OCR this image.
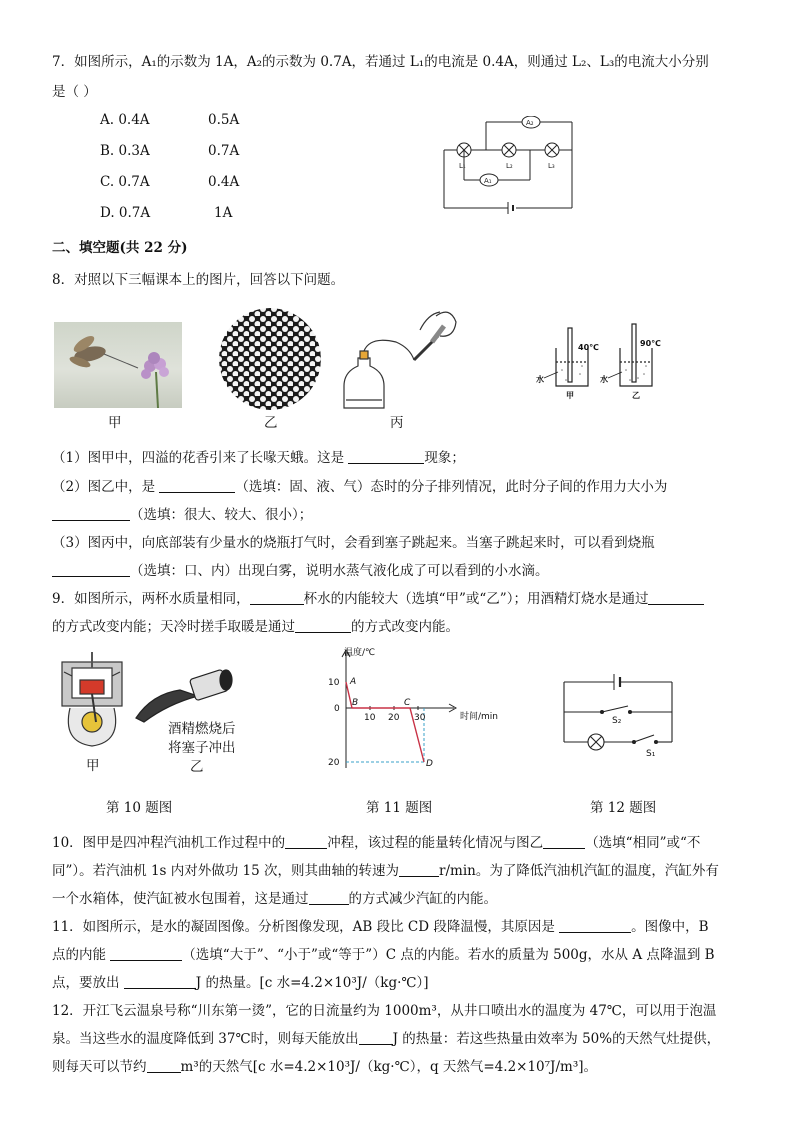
7．如图所示，A₁的示数为 1A，A₂的示数为 0.7A，若通过 L₁的电流是 0.4A，则通过 L₂、L₃的电流大小分别
是（ ）
A. 0.4A	0.5A
B. 0.3A	0.7A
C. 0.7A	0.4A
D. 0.7A	1A
A₂
A₁
L₁	L₂	L₃
二、填空题(共 22 分)
8．对照以下三幅课本上的图片，回答以下问题。
甲	乙	丙
40℃	90℃
水	水
甲	乙
（1）图甲中，四溢的花香引来了长喙天蛾。这是	现象；
（2）图乙中，是	（选填：固、液、气）态时的分子排列情况，此时分子间的作用力大小为
（选填：很大、较大、很小）；
（3）图丙中，向底部装有少量水的烧瓶打气时，会看到塞子跳起来。当塞子跳起来时，可以看到烧瓶
（选填：口、内）出现白雾，说明水蒸气液化成了可以看到的小水滴。
9．如图所示，两杯水质量相同，	杯水的内能较大（选填“甲”或“乙”）；用酒精灯烧水是通过
的方式改变内能；天冷时搓手取暖是通过	的方式改变内能。
甲
酒精燃烧后
将塞子冲出
乙
第 10 题图
温度/℃
时间/min
10
0
20
10 20 30
A
B	C
D
第 11 题图
S₂
S₁
第 12 题图
10．图甲是四冲程汽油机工作过程中的	冲程，该过程的能量转化情况与图乙	（选填“相同”或“不
同”）。若汽油机 1s 内对外做功 15 次，则其曲轴的转速为	r/min。为了降低汽油机汽缸的温度，汽缸外有
一个水箱体，使汽缸被水包围着，这是通过	的方式减少汽缸的内能。
11．如图所示，是水的凝固图像。分析图像发现，AB 段比 CD 段降温慢，其原因是	。图像中，B
点的内能	（选填“大于”、“小于”或“等于”）C 点的内能。若水的质量为 500g，水从 A 点降温到 B
点，要放出	J 的热量。[c 水=4.2×10³J/（kg·℃）]
12．开江飞云温泉号称“川东第一烫”，它的日流量约为 1000m³，从井口喷出水的温度为 47℃，可以用于泡温
泉。当这些水的温度降低到 37℃时，则每天能放出	J 的热量：若这些热量由效率为 50%的天然气灶提供，
则每天可以节约	m³的天然气[c 水=4.2×10³J/（kg·℃），q 天然气=4.2×10⁷J/m³]。
